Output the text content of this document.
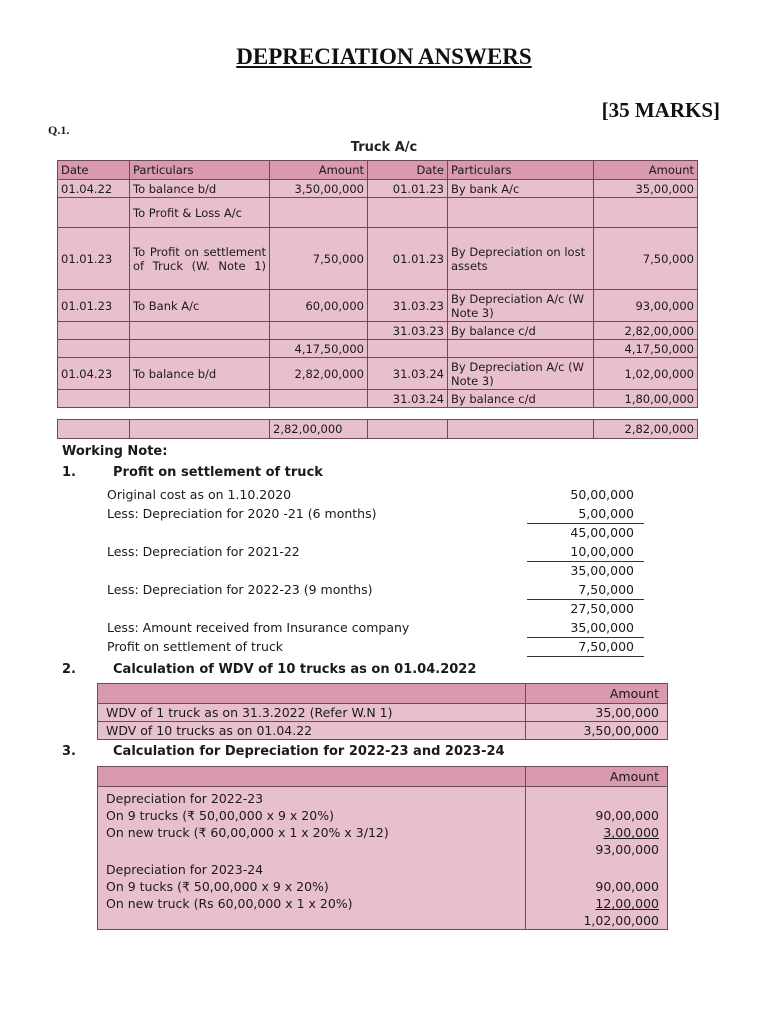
DEPRECIATION ANSWERS
[35 MARKS]
Q.1.
Truck A/c
Date	Particulars	Amount	Date	Particulars	Amount
01.04.22	To balance b/d	3,50,00,000	01.01.23	By bank A/c	35,00,000
	To Profit & Loss A/c				
01.01.23	To Profit on settlement of Truck (W. Note 1)	7,50,000	01.01.23	By Depreciation on lost assets	7,50,000
01.01.23	To Bank A/c	60,00,000	31.03.23	By Depreciation A/c (W Note 3)	93,00,000
			31.03.23	By balance c/d	2,82,00,000
		4,17,50,000			4,17,50,000
01.04.23	To balance b/d	2,82,00,000	31.03.24	By Depreciation A/c (W Note 3)	1,02,00,000
			31.03.24	By balance c/d	1,80,00,000
		2,82,00,000			2,82,00,000
Working Note:
1.	Profit on settlement of truck
Original cost as on 1.10.2020	50,00,000
Less: Depreciation for 2020 -21 (6 months)	5,00,000
45,00,000
Less: Depreciation for 2021-22	10,00,000
35,00,000
Less: Depreciation for 2022-23 (9 months)	7,50,000
27,50,000
Less: Amount received from Insurance company	35,00,000
Profit on settlement of truck	7,50,000
2.	Calculation of WDV of 10 trucks as on 01.04.2022
	Amount
WDV of 1 truck as on 31.3.2022 (Refer W.N 1)	35,00,000
WDV of 10 trucks as on 01.04.22	3,50,00,000
3.	Calculation for Depreciation for 2022-23 and 2023-24
	Amount
Depreciation for 2022-23	
On 9 trucks (₹ 50,00,000 x 9 x 20%)	90,00,000
On new truck (₹ 60,00,000 x 1 x 20% x 3/12)	3,00,000
	93,00,000
Depreciation for 2023-24	
On 9 tucks (₹ 50,00,000 x 9 x 20%)	90,00,000
On new truck (Rs 60,00,000 x 1 x 20%)	12,00,000
	1,02,00,000
